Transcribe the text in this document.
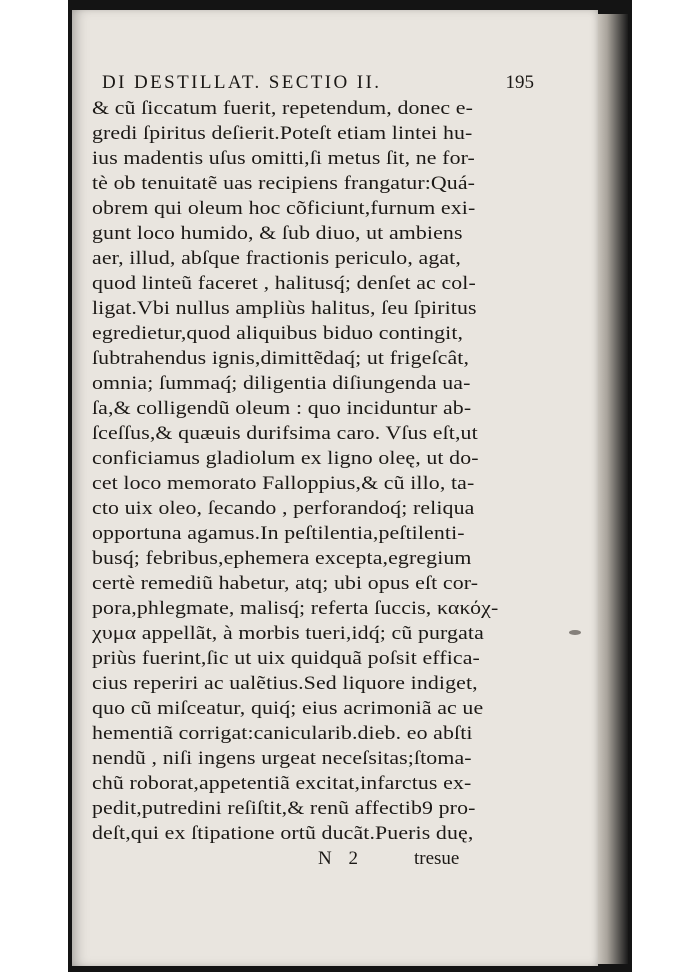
DI DESTILLAT. SECTIO II.	195
& cũ ſiccatum fuerit, repetendum, donec e-
gredi ſpiritus deſierit.Poteſt etiam lintei hu-
ius madentis uſus omitti,ſi metus ſit, ne for-
tè ob tenuitatẽ uas recipiens frangatur:Quá-
obrem qui oleum hoc cõficiunt,furnum exi-
gunt loco humido, & ſub diuo, ut ambiens
aer, illud, abſque fractionis periculo, agat,
quod linteũ faceret , halitusq́; denſet ac col-
ligat.Vbi nullus ampliùs halitus, ſeu ſpiritus
egredietur,quod aliquibus biduo contingit,
ſubtrahendus ignis,dimittẽdaq́; ut frigeſcât,
omnia; ſummaq́; diligentia diſiungenda ua-
ſa,& colligendũ oleum : quo inciduntur ab-
ſceſſus,& quæuis durifsima caro. Vſus eſt,ut
conficiamus gladiolum ex ligno oleę, ut do-
cet loco memorato Falloppius,& cũ illo, ta-
cto uix oleo, ſecando , perforandoq́; reliqua
opportuna agamus.In peſtilentia,peſtilenti-
busq́; febribus,ephemera excepta,egregium
certè remediũ habetur, atq; ubi opus eſt cor-
pora,phlegmate, malisq́; referta ſuccis, κακόχ-
χυμα appellãt, à morbis tueri,idq́; cũ purgata
priùs fuerint,ſic ut uix quidquã poſsit effica-
cius reperiri ac ualẽtius.Sed liquore indiget,
quo cũ miſceatur, quiq́; eius acrimoniã ac ue
hementiã corrigat:canicularib.dieb. eo abſti
nendũ , niſi ingens urgeat neceſsitas;ſtoma-
chũ roborat,appetentiã excitat,infarctus ex-
pedit,putredini reſiſtit,& renũ affectib9 pro-
deſt,qui ex ſtipatione ortũ ducãt.Pueris duę,
N 2	tresue
